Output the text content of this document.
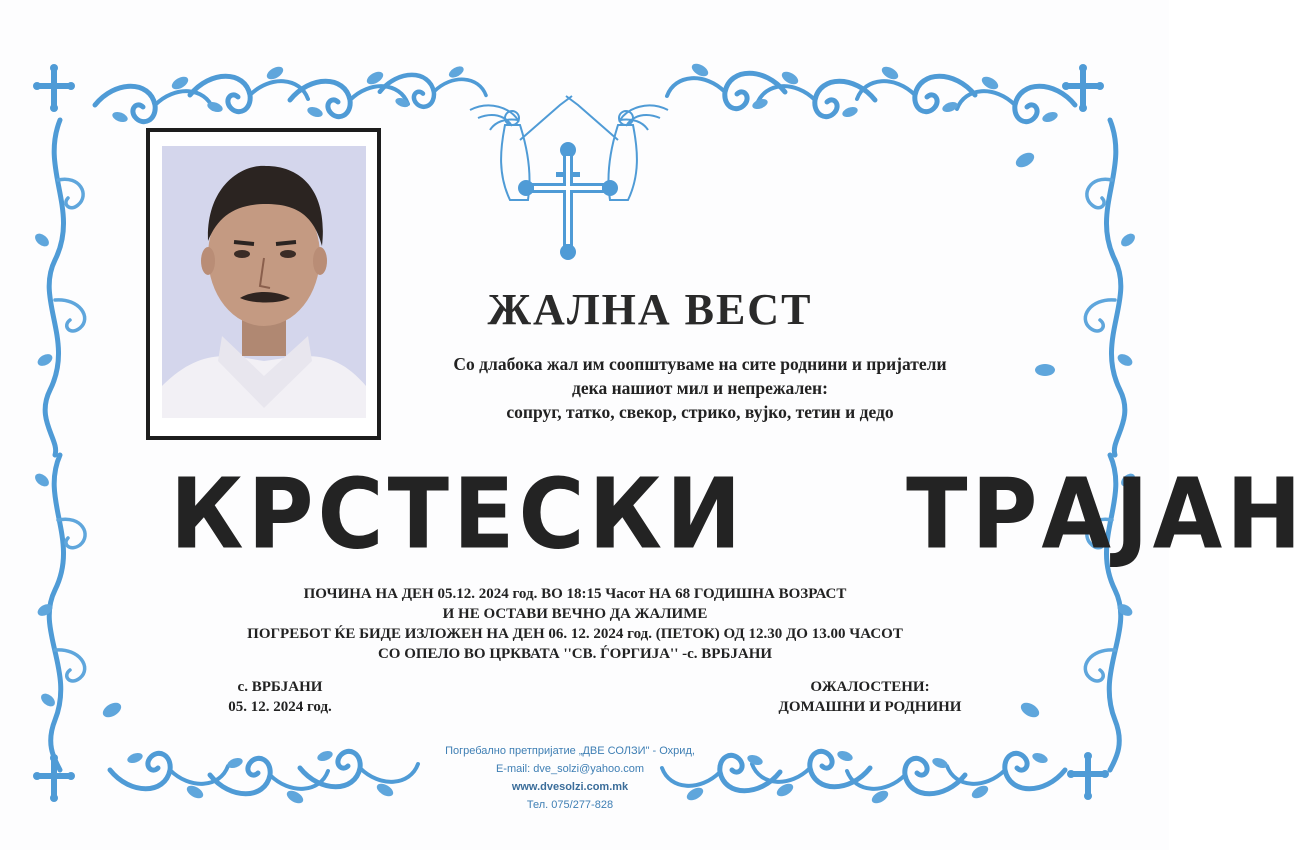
ЖАЛНА ВЕСТ
Со длабока жал им соопштуваме на сите роднини и пријатели
дека нашиот мил и непрежален:
сопруг, татко, свекор, стрико, вујко, тетин и дедо
КРСТЕСКИ ТРАЈАН
ПОЧИНА НА ДЕН 05.12. 2024 год. ВО 18:15 Часот НА 68 ГОДИШНА ВОЗРАСТ
И НЕ ОСТАВИ ВЕЧНО ДА ЖАЛИМЕ
ПОГРЕБОТ ЌЕ БИДЕ ИЗЛОЖЕН НА ДЕН 06. 12. 2024 год. (ПЕТОК) ОД 12.30 ДО 13.00 ЧАСОТ
СО ОПЕЛО ВО ЦРКВАТА ''СВ. ЃОРГИЈА'' -с. ВРБЈАНИ
с. ВРБЈАНИ
05. 12. 2024 год.
ОЖАЛОСТЕНИ:
ДОМАШНИ И РОДНИНИ
Погребално претпријатие „ДВЕ СОЛЗИ" - Охрид,
E-mail: dve_solzi@yahoo.com
www.dvesolzi.com.mk
Тел. 075/277-828
